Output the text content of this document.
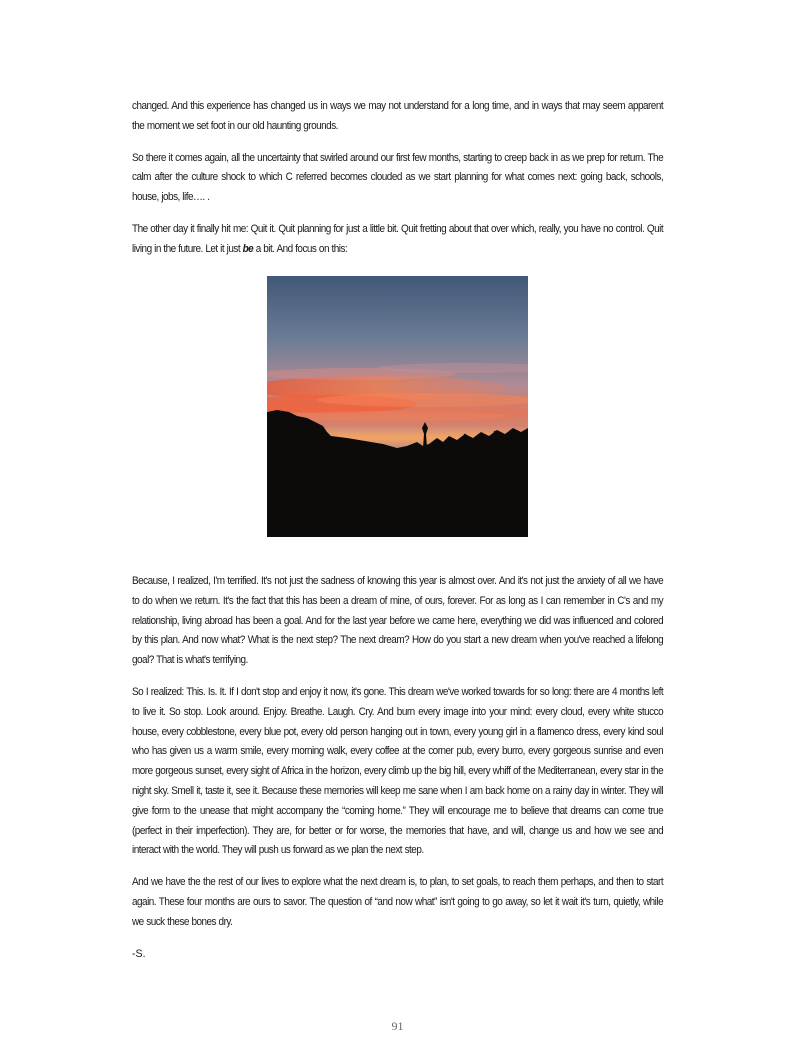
changed. And this experience has changed us in ways we may not understand for a long time, and in ways that may seem apparent the moment we set foot in our old haunting grounds.

So there it comes again, all the uncertainty that swirled around our first few months, starting to creep back in as we prep for return. The calm after the culture shock to which C referred becomes clouded as we start planning for what comes next: going back, schools, house, jobs, life…. .

The other day it finally hit me: Quit it. Quit planning for just a little bit. Quit fretting about that over which, really, you have no control. Quit living in the future. Let it just be a bit. And focus on this:

Because, I realized, I'm terrified. It's not just the sadness of knowing this year is almost over. And it's not just the anxiety of all we have to do when we return. It's the fact that this has been a dream of mine, of ours, forever. For as long as I can remember in C's and my relationship, living abroad has been a goal. And for the last year before we came here, everything we did was influenced and colored by this plan. And now what? What is the next step? The next dream? How do you start a new dream when you've reached a lifelong goal? That is what's terrifying.

So I realized: This. Is. It. If I don't stop and enjoy it now, it's gone. This dream we've worked towards for so long: there are 4 months left to live it. So stop. Look around. Enjoy. Breathe. Laugh. Cry. And burn every image into your mind: every cloud, every white stucco house, every cobblestone, every blue pot, every old person hanging out in town, every young girl in a flamenco dress, every kind soul who has given us a warm smile, every morning walk, every coffee at the corner pub, every burro, every gorgeous sunrise and even more gorgeous sunset, every sight of Africa in the horizon, every climb up the big hill, every whiff of the Mediterranean, every star in the night sky. Smell it, taste it, see it. Because these memories will keep me sane when I am back home on a rainy day in winter. They will give form to the unease that might accompany the “coming home.” They will encourage me to believe that dreams can come true (perfect in their imperfection). They are, for better or for worse, the memories that have, and will, change us and how we see and interact with the world. They will push us forward as we plan the next step.

And we have the the rest of our lives to explore what the next dream is, to plan, to set goals, to reach them perhaps, and then to start again. These four months are ours to savor. The question of “and now what” isn't going to go away, so let it wait it's turn, quietly, while we suck these bones dry.

-S.

91
